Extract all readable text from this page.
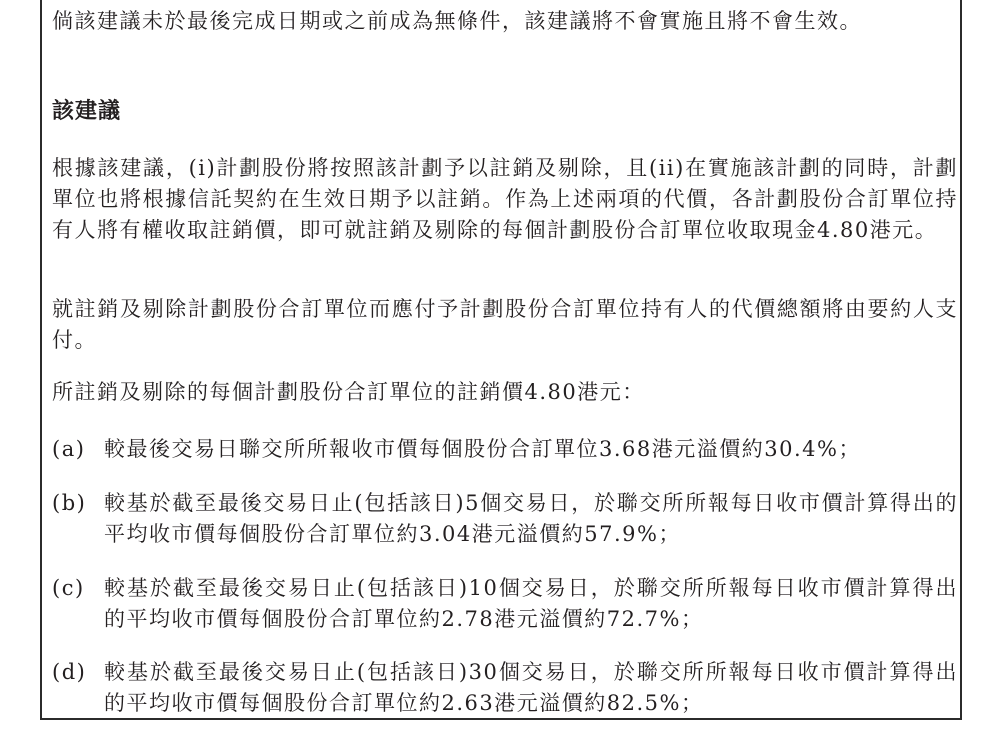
倘該建議未於最後完成日期或之前成為無條件，該建議將不會實施且將不會生效。

該建議

根據該建議，(i)計劃股份將按照該計劃予以註銷及剔除，且(ii)在實施該計劃的同時，計劃單位也將根據信託契約在生效日期予以註銷。作為上述兩項的代價，各計劃股份合訂單位持有人將有權收取註銷價，即可就註銷及剔除的每個計劃股份合訂單位收取現金4.80港元。

就註銷及剔除計劃股份合訂單位而應付予計劃股份合訂單位持有人的代價總額將由要約人支付。

所註銷及剔除的每個計劃股份合訂單位的註銷價4.80港元：

(a) 較最後交易日聯交所所報收市價每個股份合訂單位3.68港元溢價約30.4%；
(b) 較基於截至最後交易日止(包括該日)5個交易日，於聯交所所報每日收市價計算得出的平均收市價每個股份合訂單位約3.04港元溢價約57.9%；
(c) 較基於截至最後交易日止(包括該日)10個交易日，於聯交所所報每日收市價計算得出的平均收市價每個股份合訂單位約2.78港元溢價約72.7%；
(d) 較基於截至最後交易日止(包括該日)30個交易日，於聯交所所報每日收市價計算得出的平均收市價每個股份合訂單位約2.63港元溢價約82.5%；
